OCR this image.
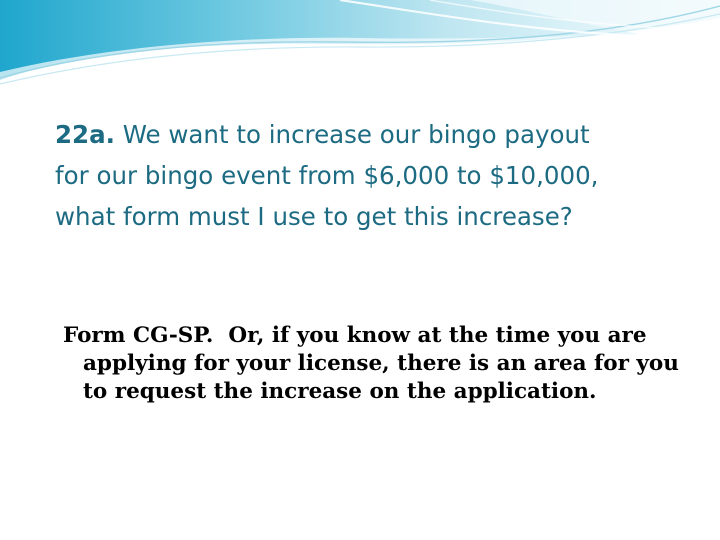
22a. We want to increase our bingo payout for our bingo event from $6,000 to $10,000, what form must I use to get this increase?
Form CG-SP.  Or, if you know at the time you are applying for your license, there is an area for you to request the increase on the application.
